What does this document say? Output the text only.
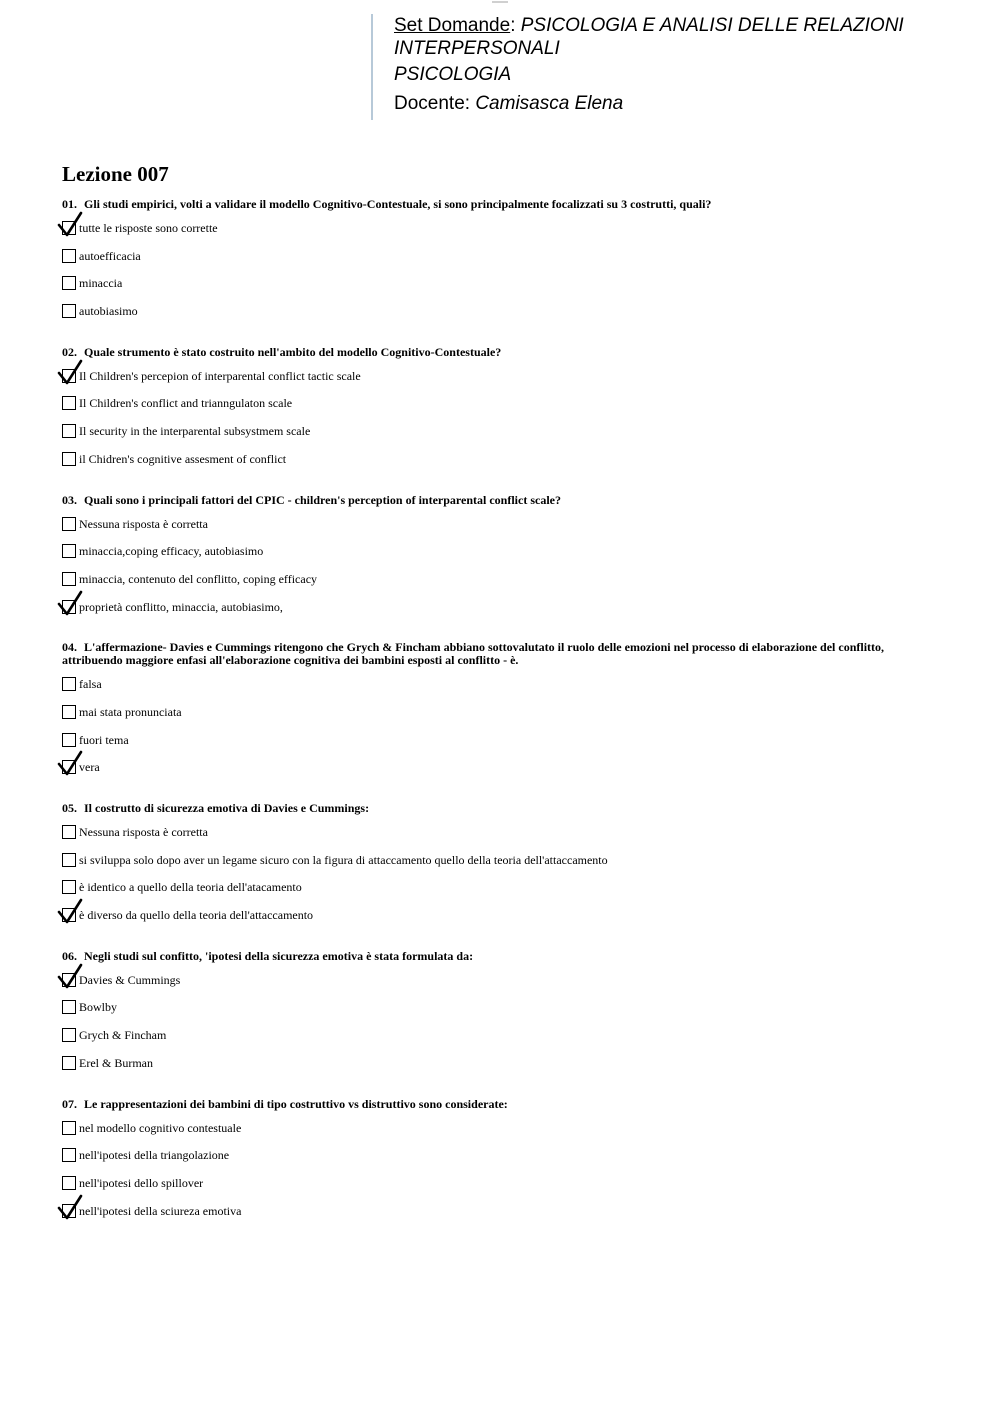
Set Domande: PSICOLOGIA E ANALISI DELLE RELAZIONI

INTERPERSONALI

PSICOLOGIA

Docente: Camisasca Elena

Lezione 007

01. Gli studi empirici, volti a validare il modello Cognitivo-Contestuale, si sono principalmente focalizzati su 3 costrutti, quali?

tutte le risposte sono corrette
autoefficacia
minaccia
autobiasimo

02. Quale strumento è stato costruito nell'ambito del modello Cognitivo-Contestuale?

Il Children's percepion of interparental conflict tactic scale
Il Children's conflict and trianngulaton scale
Il security in the interparental subsystmem scale
il Chidren's cognitive assesment of conflict

03. Quali sono i principali fattori del CPIC - children's perception of interparental conflict scale?

Nessuna risposta è corretta
minaccia,coping efficacy, autobiasimo
minaccia, contenuto del conflitto, coping efficacy
proprietà conflitto, minaccia, autobiasimo,

04. L'affermazione- Davies e Cummings ritengono che Grych & Fincham abbiano sottovalutato il ruolo delle emozioni nel processo di elaborazione del conflitto, attribuendo maggiore enfasi all'elaborazione cognitiva dei bambini esposti al conflitto - è.

falsa
mai stata pronunciata
fuori tema
vera

05. Il costrutto di sicurezza emotiva di Davies e Cummings:

Nessuna risposta è corretta
si sviluppa solo dopo aver un legame sicuro con la figura di attaccamento quello della teoria dell'attaccamento
è identico a quello della teoria dell'atacamento
è diverso da quello della teoria dell'attaccamento

06. Negli studi sul confitto, 'ipotesi della sicurezza emotiva è stata formulata da:

Davies & Cummings
Bowlby
Grych & Fincham
Erel & Burman

07. Le rappresentazioni dei bambini di tipo costruttivo vs distruttivo sono considerate:

nel modello cognitivo contestuale
nell'ipotesi della triangolazione
nell'ipotesi dello spillover
nell'ipotesi della sciureza emotiva
